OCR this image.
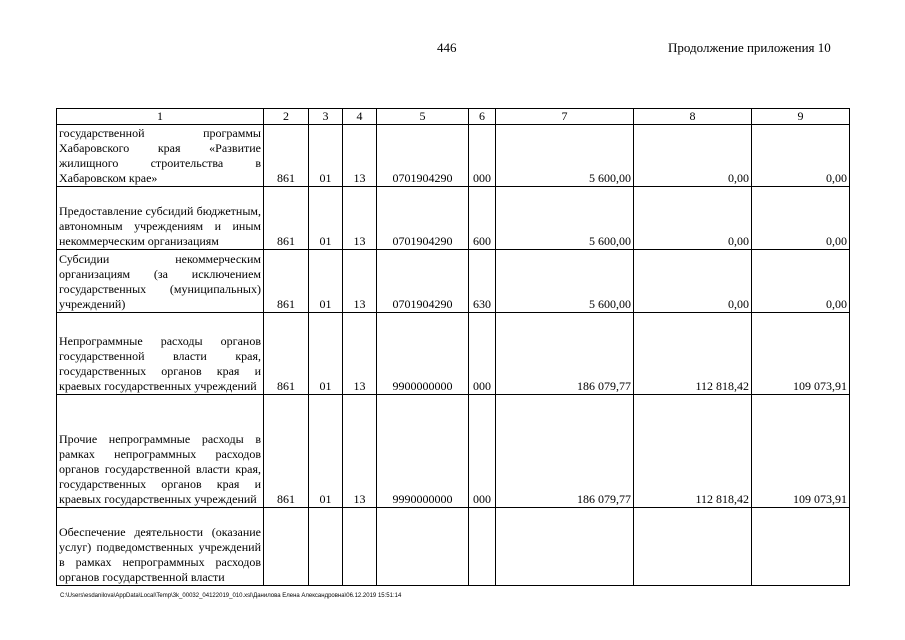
446	Продолжение приложения 10
1	2	3	4	5	6	7	8	9
государственной программы Хабаровского края «Развитие жилищного строительства в Хабаровском крае»	861	01	13	0701904290	000	5 600,00	0,00	0,00
Предоставление субсидий бюджетным, автономным учреждениям и иным некоммерческим организациям	861	01	13	0701904290	600	5 600,00	0,00	0,00
Субсидии некоммерческим организациям (за исключением государственных (муниципальных) учреждений)	861	01	13	0701904290	630	5 600,00	0,00	0,00
Непрограммные расходы органов государственной власти края, государственных органов края и краевых государственных учреждений	861	01	13	9900000000	000	186 079,77	112 818,42	109 073,91
Прочие непрограммные расходы в рамках непрограммных расходов органов государственной власти края, государственных органов края и краевых государственных учреждений	861	01	13	9990000000	000	186 079,77	112 818,42	109 073,91
Обеспечение деятельности (оказание услуг) подведомственных учреждений в рамках непрограммных расходов органов государственной власти								
C:\Users\esdanilova\AppData\Local\Temp\3k_00032_04122019_010.xsl\Данилова Елена Александровна\06.12.2019 15:51:14
